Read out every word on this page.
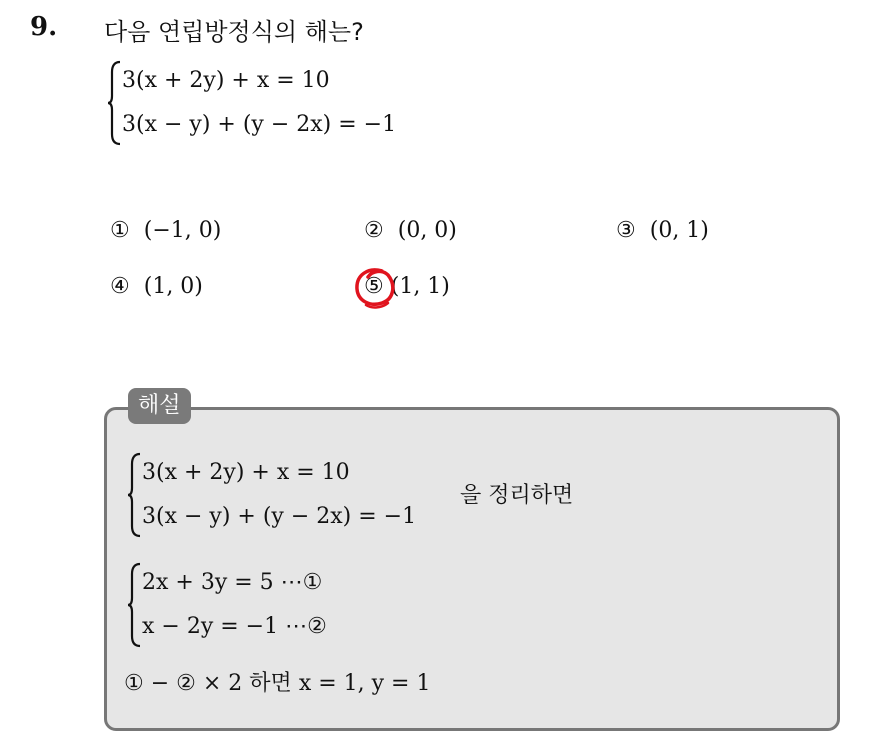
9. 다음 연립방정식의 해는?
3(x + 2y) + x = 10
3(x − y) + (y − 2x) = −1
① (−1, 0)	② (0, 0)	③ (0, 1)
④ (1, 0)	⑤ (1, 1)
해설
3(x + 2y) + x = 10
3(x − y) + (y − 2x) = −1
을 정리하면
2x + 3y = 5 ⋯①
x − 2y = −1 ⋯②
① − ② × 2 하면 x = 1, y = 1
